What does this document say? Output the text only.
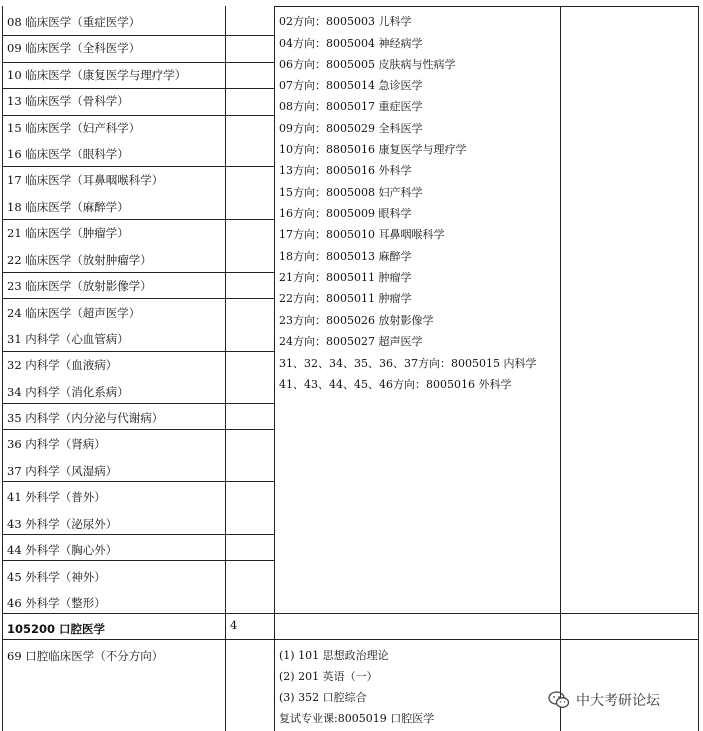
08 临床医学（重症医学）
09 临床医学（全科医学）
10 临床医学（康复医学与理疗学）
13 临床医学（骨科学）
15 临床医学（妇产科学）
16 临床医学（眼科学）
17 临床医学（耳鼻咽喉科学）
18 临床医学（麻醉学）
21 临床医学（肿瘤学）
22 临床医学（放射肿瘤学）
23 临床医学（放射影像学）
24 临床医学（超声医学）
31 内科学（心血管病）
32 内科学（血液病）
34 内科学（消化系病）
35 内科学（内分泌与代谢病）
36 内科学（肾病）
37 内科学（风湿病）
41 外科学（普外）
43 外科学（泌尿外）
44 外科学（胸心外）
45 外科学（神外）
46 外科学（整形）
02方向：8005003 儿科学
04方向：8005004 神经病学
06方向：8005005 皮肤病与性病学
07方向：8005014 急诊医学
08方向：8005017 重症医学
09方向：8005029 全科医学
10方向：8805016 康复医学与理疗学
13方向：8005016 外科学
15方向：8005008 妇产科学
16方向：8005009 眼科学
17方向：8005010 耳鼻咽喉科学
18方向：8005013 麻醉学
21方向：8005011 肿瘤学
22方向：8005011 肿瘤学
23方向：8005026 放射影像学
24方向：8005027 超声医学
31、32、34、35、36、37方向：8005015 内科学
41、43、44、45、46方向：8005016 外科学
105200 口腔医学	4
69 口腔临床医学（不分方向）	(1) 101 思想政治理论
(2) 201 英语（一）
(3) 352 口腔综合
复试专业课:8005019 口腔医学
中大考研论坛
